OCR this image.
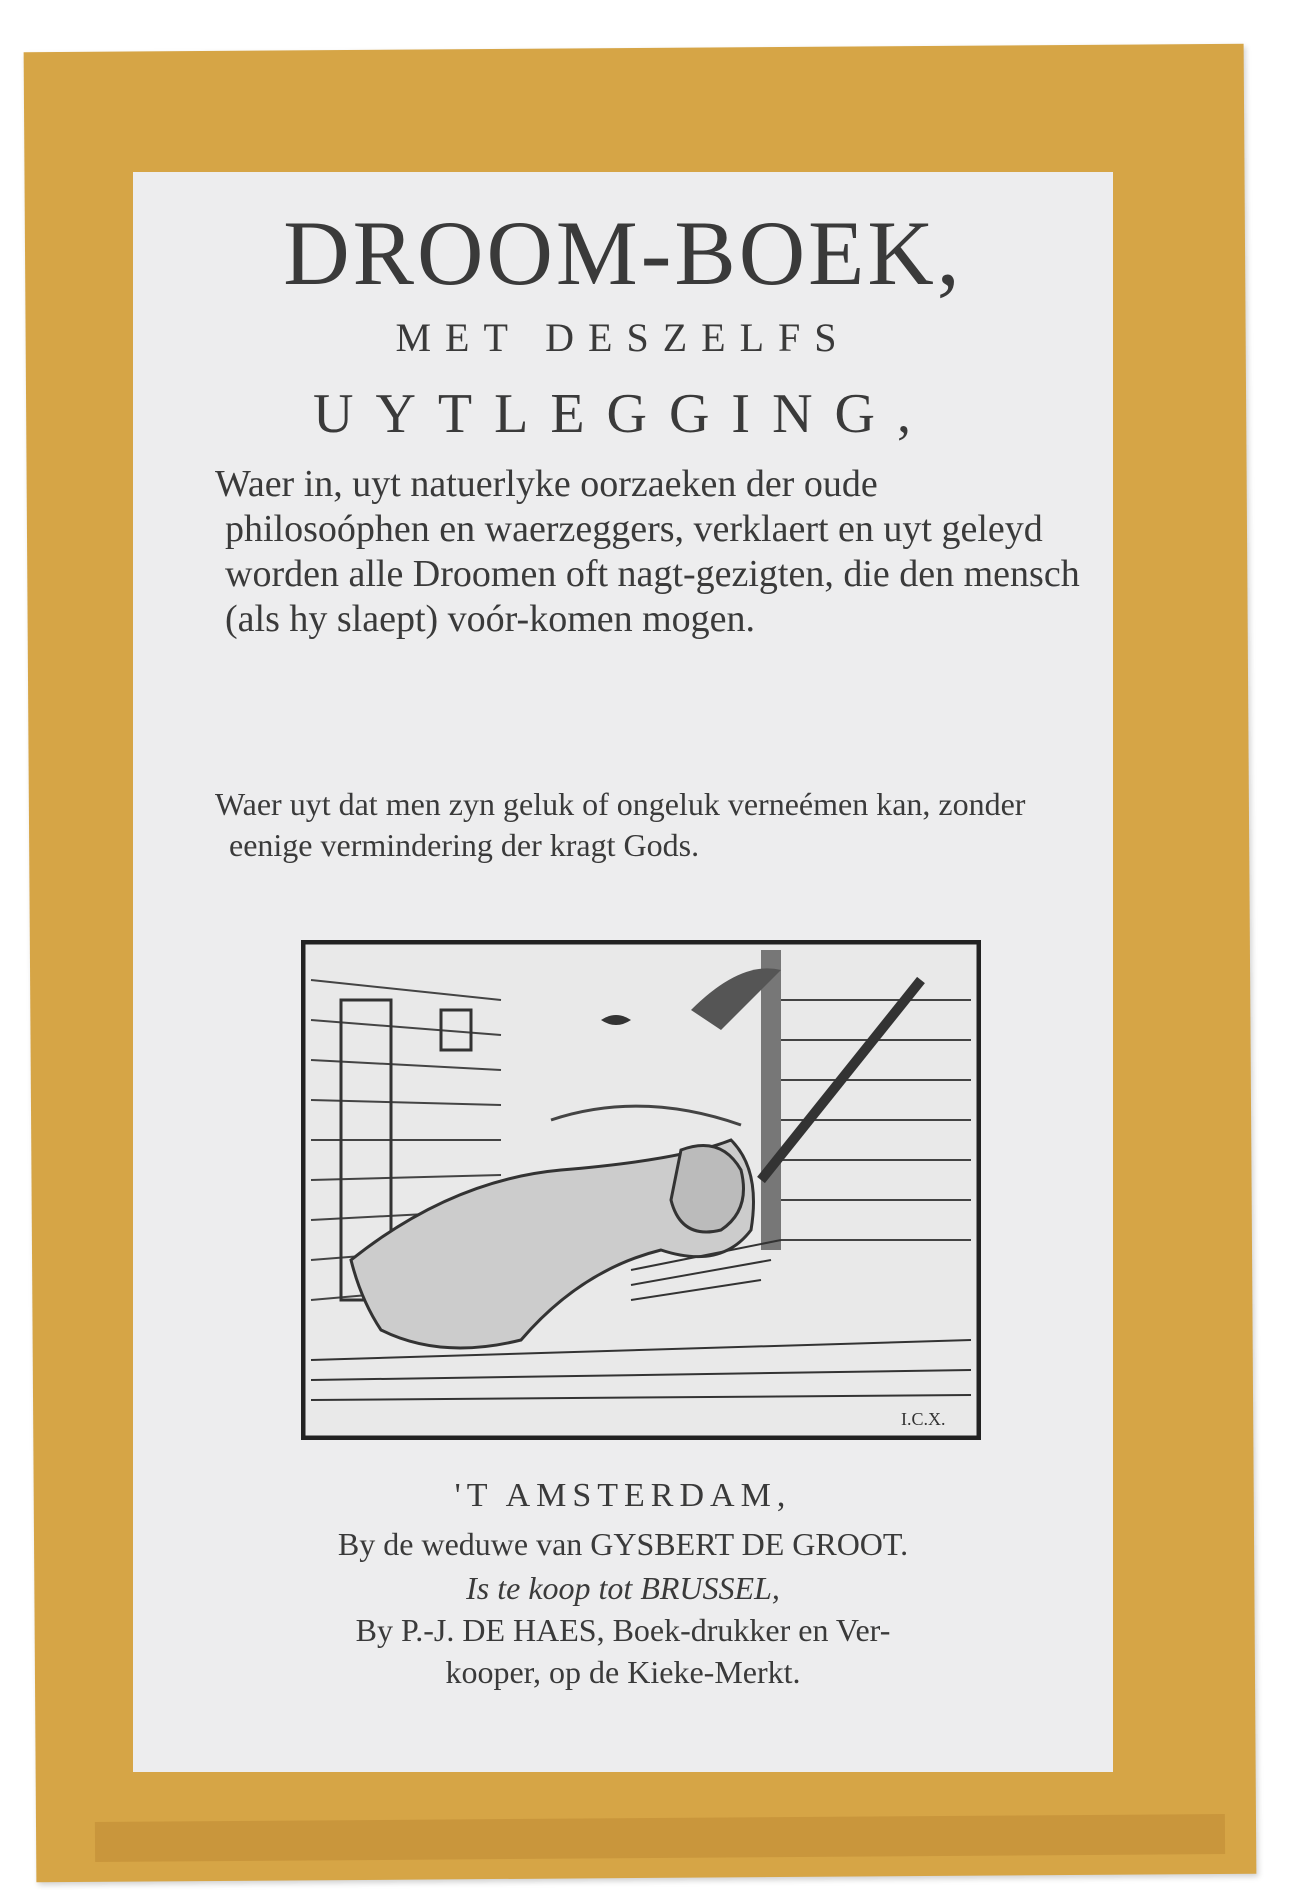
DROOM-BOEK,
MET DESZELFS
UYTLEGGING,
Waer in, uyt natuerlyke oorzaeken der oude philosoóphen en waerzeggers, verklaert en uyt geleyd worden alle Droomen oft nagt-gezigten, die den mensch (als hy slaept) voór-komen mogen.
Waer uyt dat men zyn geluk of ongeluk verneémen kan, zonder eenige vermindering der kragt Gods.
I.C.X.
'T AMSTERDAM,
By de weduwe van GYSBERT DE GROOT.
Is te koop tot BRUSSEL,
By P.-J. DE HAES, Boek-drukker en Ver-
kooper, op de Kieke-Merkt.
